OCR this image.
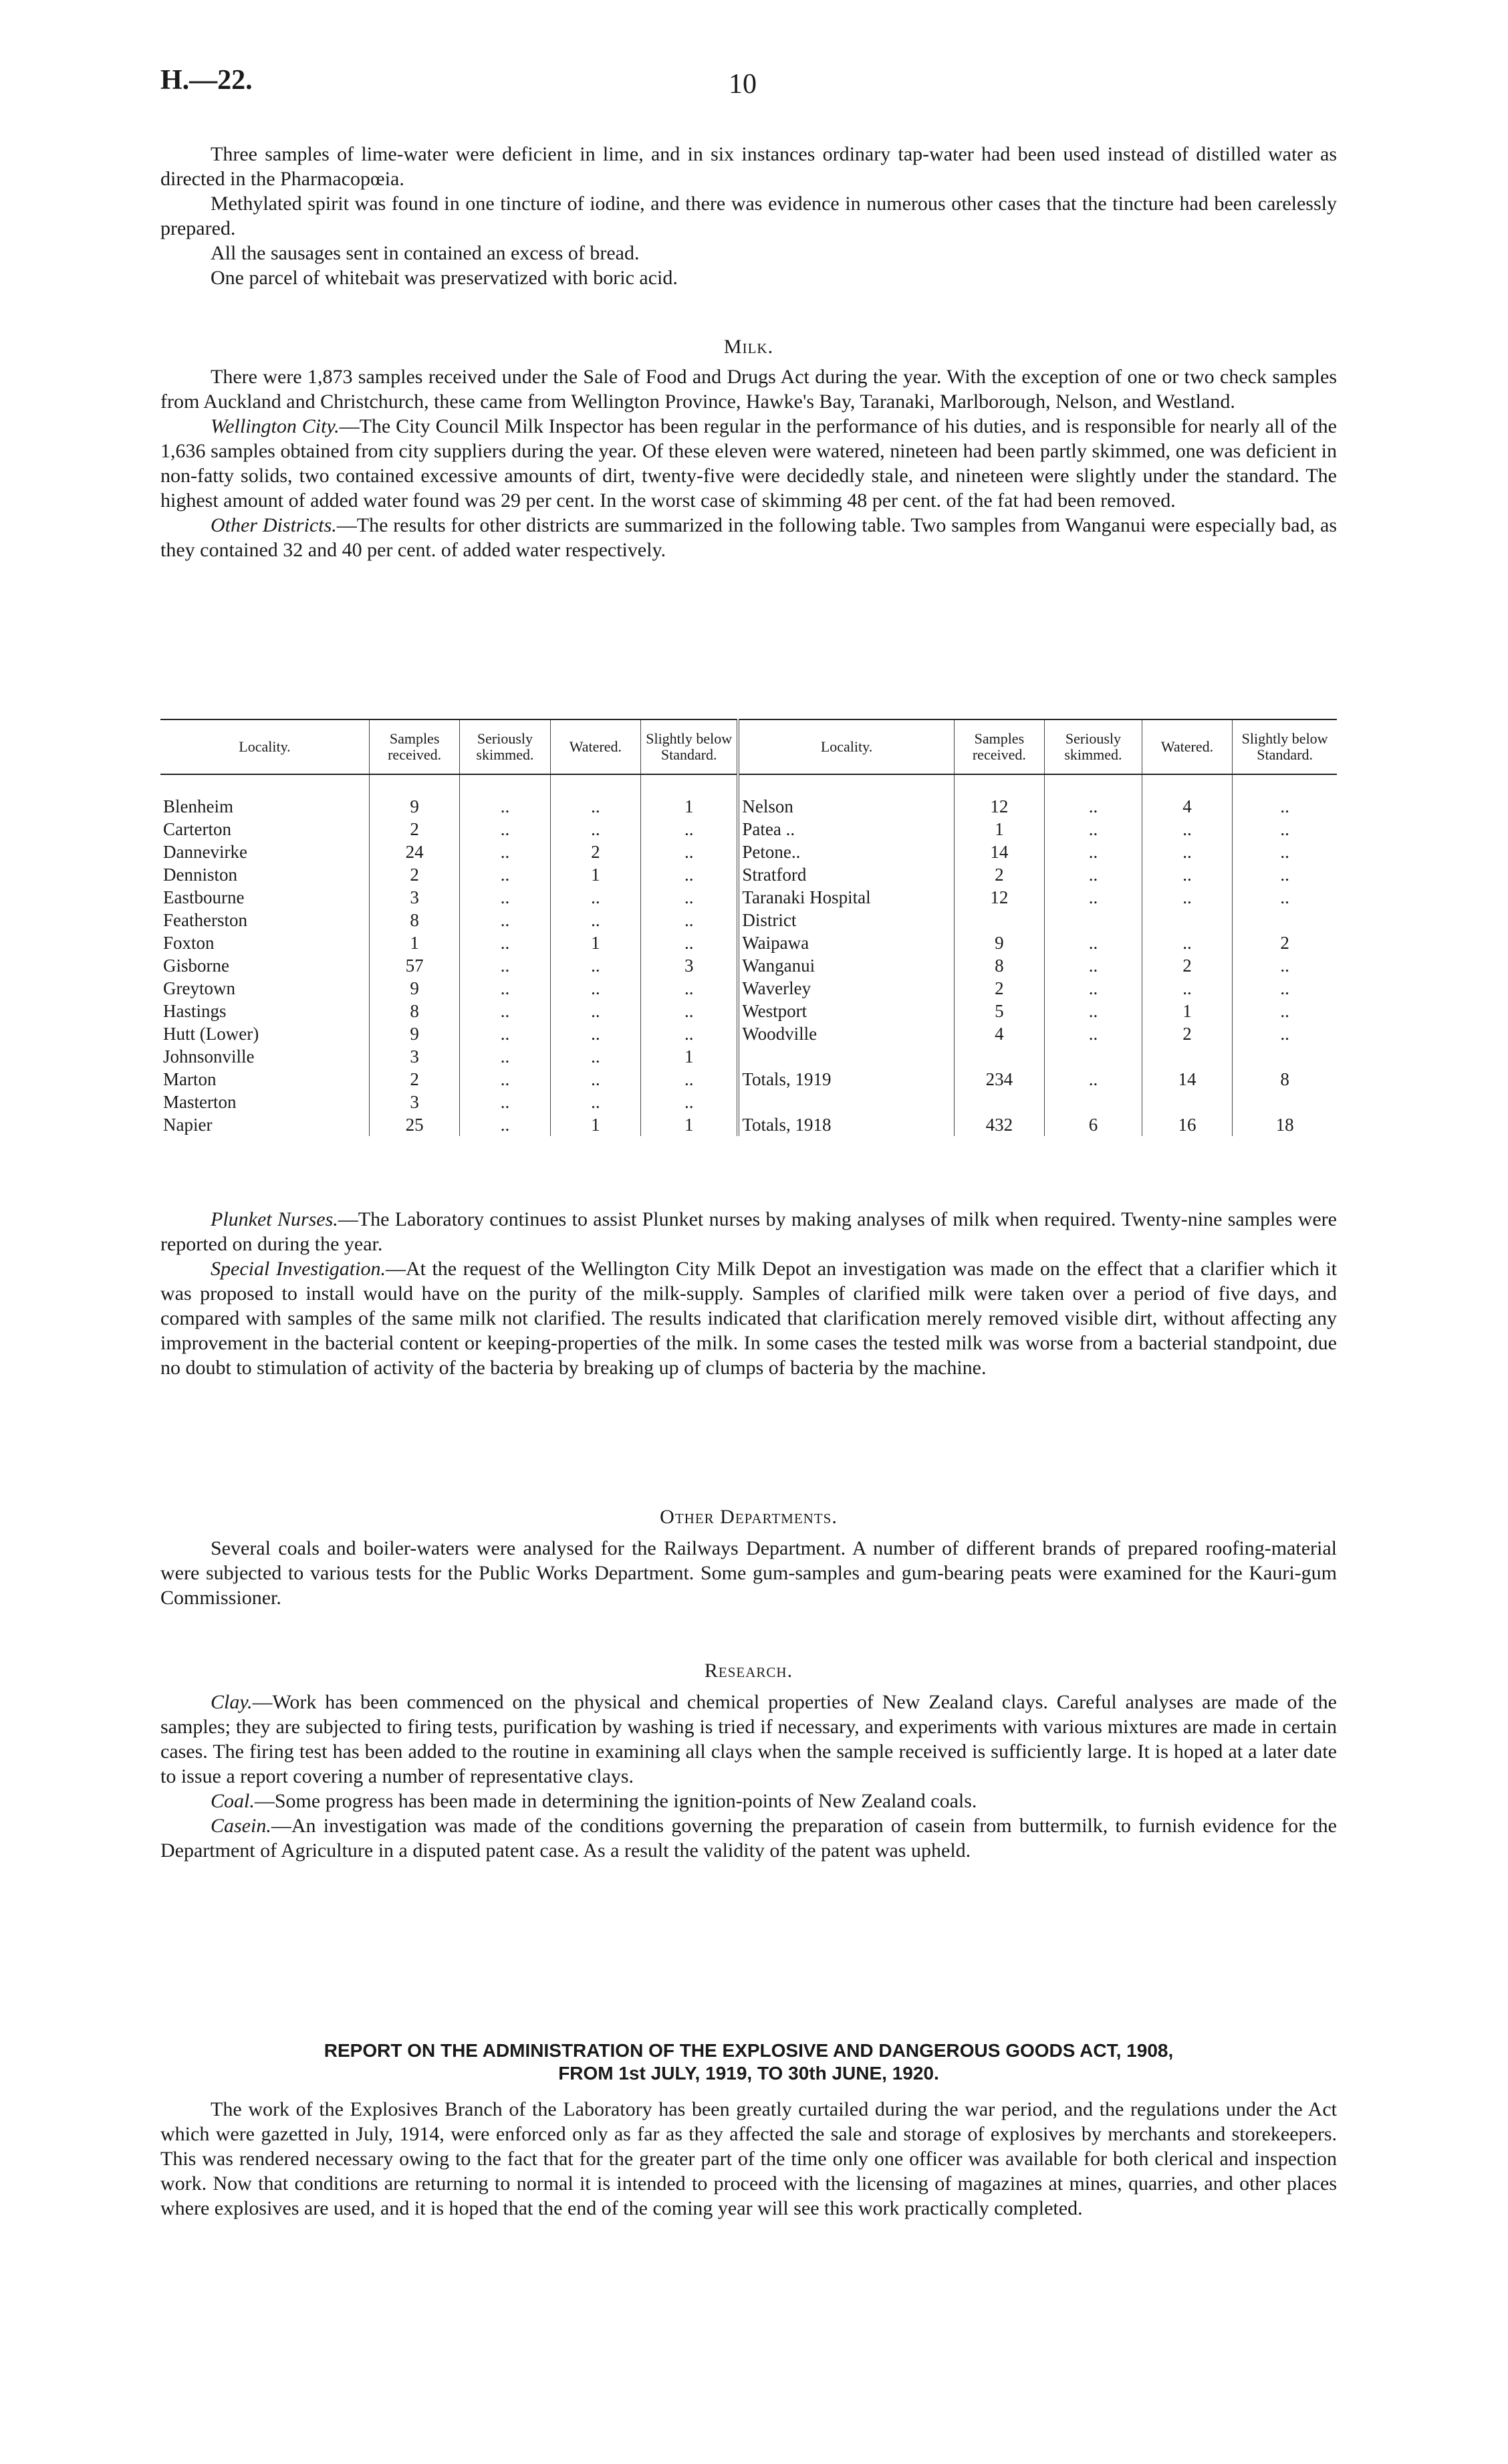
H.—22.	10

Three samples of lime-water were deficient in lime, and in six instances ordinary tap-water had been used instead of distilled water as directed in the Pharmacopœia.

Methylated spirit was found in one tincture of iodine, and there was evidence in numerous other cases that the tincture had been carelessly prepared.

All the sausages sent in contained an excess of bread.

One parcel of whitebait was preservatized with boric acid.

Milk.

There were 1,873 samples received under the Sale of Food and Drugs Act during the year. With the exception of one or two check samples from Auckland and Christchurch, these came from Wellington Province, Hawke's Bay, Taranaki, Marlborough, Nelson, and Westland.

Wellington City.—The City Council Milk Inspector has been regular in the performance of his duties, and is responsible for nearly all of the 1,636 samples obtained from city suppliers during the year. Of these eleven were watered, nineteen had been partly skimmed, one was deficient in non-fatty solids, two contained excessive amounts of dirt, twenty-five were decidedly stale, and nineteen were slightly under the standard. The highest amount of added water found was 29 per cent. In the worst case of skimming 48 per cent. of the fat had been removed.

Other Districts.—The results for other districts are summarized in the following table. Two samples from Wanganui were especially bad, as they contained 32 and 40 per cent. of added water respectively.

Locality.	Samples received.	Seriously skimmed.	Watered.	Slightly below Standard.	Locality.	Samples received.	Seriously skimmed.	Watered.	Slightly below Standard.

Blenheim	9	..	..	1	Nelson	12	..	4	..
Carterton	2	..	..	..	Patea ..	1	..	..	..
Dannevirke	24	..	2	..	Petone..	14	..	..	..
Denniston	2	..	1	..	Stratford	2	..	..	..
Eastbourne	3	..	..	..	Taranaki Hospital	12	..	..	..
Featherston	8	..	..	..	District				
Foxton	1	..	1	..	Waipawa	9	..	..	2
Gisborne	57	..	..	3	Wanganui	8	..	2	..
Greytown	9	..	..	..	Waverley	2	..	..	..
Hastings	8	..	..	..	Westport	5	..	1	..
Hutt (Lower)	9	..	..	..	Woodville	4	..	2	..
Johnsonville	3	..	..	1					
Marton	2	..	..	..	Totals, 1919	234	..	14	8
Masterton	3	..	..	..					
Napier	25	..	1	1	Totals, 1918	432	6	16	18

Plunket Nurses.—The Laboratory continues to assist Plunket nurses by making analyses of milk when required. Twenty-nine samples were reported on during the year.

Special Investigation.—At the request of the Wellington City Milk Depot an investigation was made on the effect that a clarifier which it was proposed to install would have on the purity of the milk-supply. Samples of clarified milk were taken over a period of five days, and compared with samples of the same milk not clarified. The results indicated that clarification merely removed visible dirt, without affecting any improvement in the bacterial content or keeping-properties of the milk. In some cases the tested milk was worse from a bacterial standpoint, due no doubt to stimulation of activity of the bacteria by breaking up of clumps of bacteria by the machine.

Other Departments.

Several coals and boiler-waters were analysed for the Railways Department. A number of different brands of prepared roofing-material were subjected to various tests for the Public Works Department. Some gum-samples and gum-bearing peats were examined for the Kauri-gum Commissioner.

Research.

Clay.—Work has been commenced on the physical and chemical properties of New Zealand clays. Careful analyses are made of the samples; they are subjected to firing tests, purification by washing is tried if necessary, and experiments with various mixtures are made in certain cases. The firing test has been added to the routine in examining all clays when the sample received is sufficiently large. It is hoped at a later date to issue a report covering a number of representative clays.

Coal.—Some progress has been made in determining the ignition-points of New Zealand coals.

Casein.—An investigation was made of the conditions governing the preparation of casein from buttermilk, to furnish evidence for the Department of Agriculture in a disputed patent case. As a result the validity of the patent was upheld.

REPORT ON THE ADMINISTRATION OF THE EXPLOSIVE AND DANGEROUS GOODS ACT, 1908,

FROM 1st JULY, 1919, TO 30th JUNE, 1920.

The work of the Explosives Branch of the Laboratory has been greatly curtailed during the war period, and the regulations under the Act which were gazetted in July, 1914, were enforced only as far as they affected the sale and storage of explosives by merchants and storekeepers. This was rendered necessary owing to the fact that for the greater part of the time only one officer was available for both clerical and inspection work. Now that conditions are returning to normal it is intended to proceed with the licensing of magazines at mines, quarries, and other places where explosives are used, and it is hoped that the end of the coming year will see this work practically completed.
